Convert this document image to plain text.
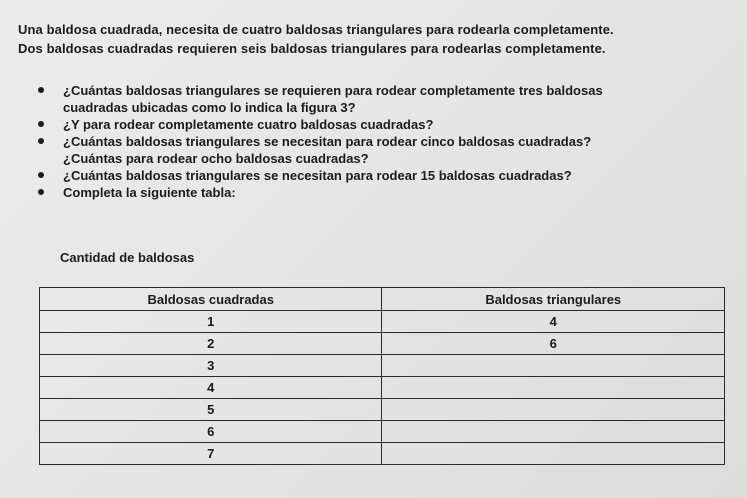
Una baldosa cuadrada, necesita de cuatro baldosas triangulares para rodearla completamente.

Dos baldosas cuadradas requieren seis baldosas triangulares para rodearlas completamente.

¿Cuántas baldosas triangulares se requieren para rodear completamente tres baldosas
cuadradas ubicadas como lo indica la figura 3?
¿Y para rodear completamente cuatro baldosas cuadradas?
¿Cuántas baldosas triangulares se necesitan para rodear cinco baldosas cuadradas?
¿Cuántas para rodear ocho baldosas cuadradas?
¿Cuántas baldosas triangulares se necesitan para rodear 15 baldosas cuadradas?
Completa la siguiente tabla:
Cantidad de baldosas
Baldosas cuadradas	Baldosas triangulares
1	4
2	6
3	
4	
5	
6	
7	
